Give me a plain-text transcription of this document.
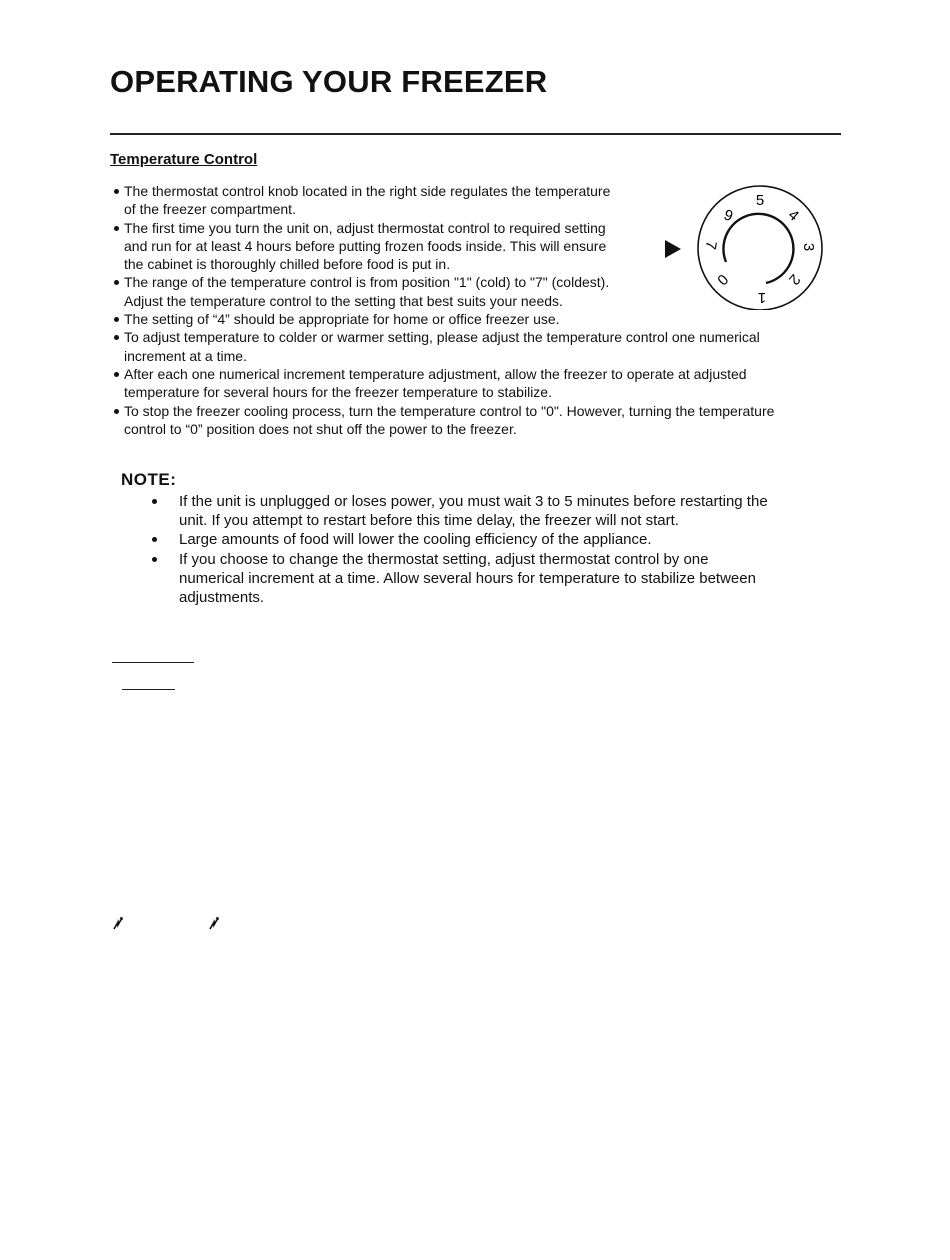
OPERATING YOUR FREEZER
Temperature Control
The thermostat control knob located in the right side regulates the temperature
of the freezer compartment.
The first time you turn the unit on, adjust thermostat control to required setting
and run for at least 4 hours before putting frozen foods inside. This will ensure
the cabinet is thoroughly chilled before food is put in.
The range of the temperature control is from position "1" (cold) to "7" (coldest).
Adjust the temperature control to the setting that best suits your needs.
The setting of “4” should be appropriate for home or office freezer use.
To adjust temperature to colder or warmer setting, please adjust the temperature control one numerical
increment at a time.
After each one numerical increment temperature adjustment, allow the freezer to operate at adjusted
temperature for several hours for the freezer temperature to stabilize.
To stop the freezer cooling process, turn the temperature control to "0". However, turning the temperature
control to “0” position does not shut off the power to the freezer.
5
6	4
7	3
0	2
1
NOTE:
If the unit is unplugged or loses power, you must wait 3 to 5 minutes before restarting the
unit. If you attempt to restart before this time delay, the freezer will not start.
Large amounts of food will lower the cooling efficiency of the appliance.
If you choose to change the thermostat setting, adjust thermostat control by one
numerical increment at a time. Allow several hours for temperature to stabilize between
adjustments.
